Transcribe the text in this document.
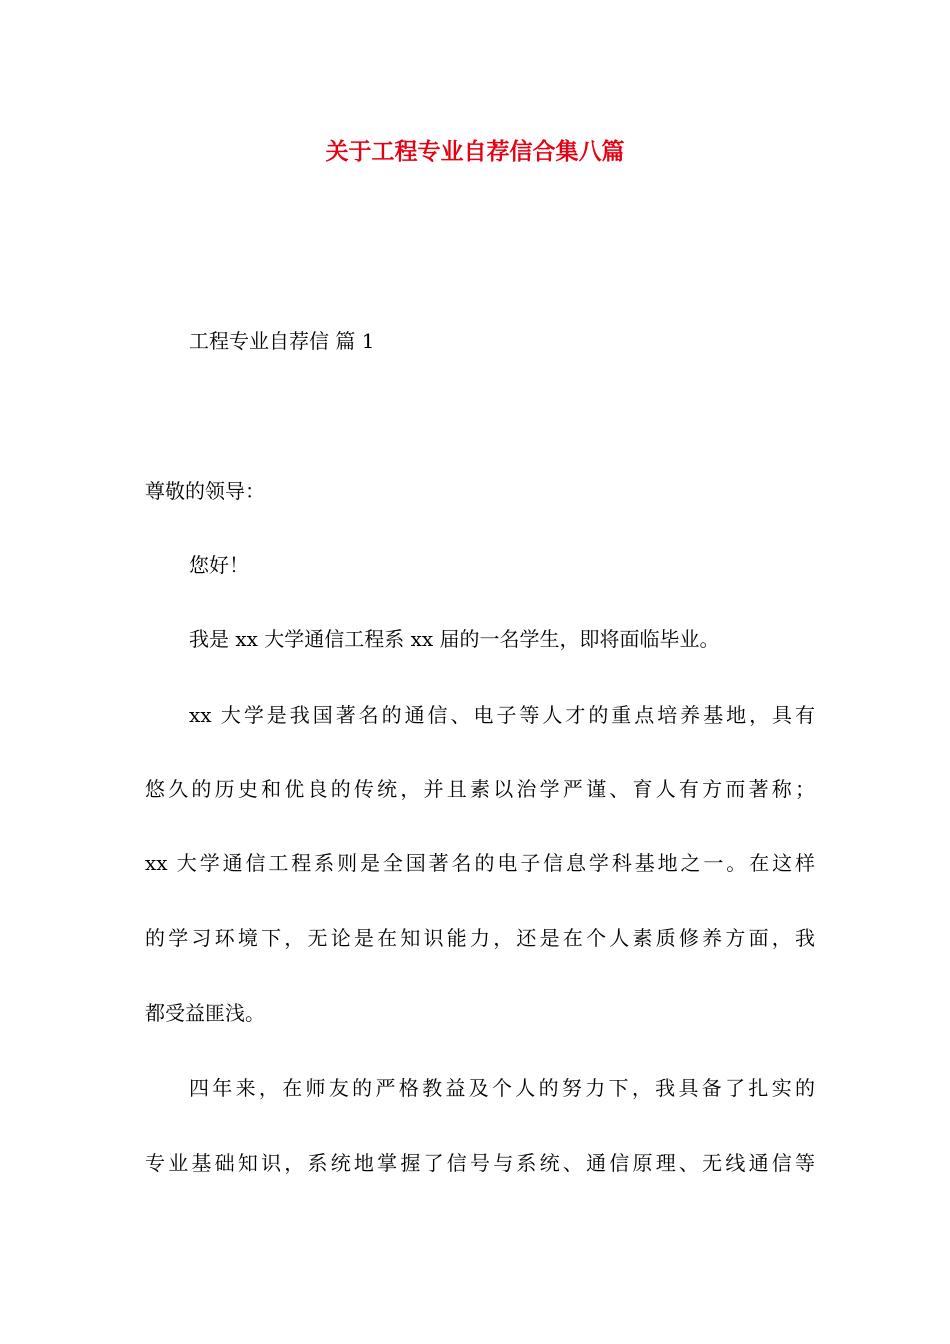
关于工程专业自荐信合集八篇

工程专业自荐信 篇 1

尊敬的领导：

您好！

我是 xx 大学通信工程系 xx 届的一名学生，即将面临毕业。

xx 大学是我国著名的通信、电子等人才的重点培养基地，具有

悠久的历史和优良的传统，并且素以治学严谨、育人有方而著称；

xx 大学通信工程系则是全国著名的电子信息学科基地之一。在这样

的学习环境下，无论是在知识能力，还是在个人素质修养方面，我

都受益匪浅。

四年来，在师友的严格教益及个人的努力下，我具备了扎实的

专业基础知识，系统地掌握了信号与系统、通信原理、无线通信等
